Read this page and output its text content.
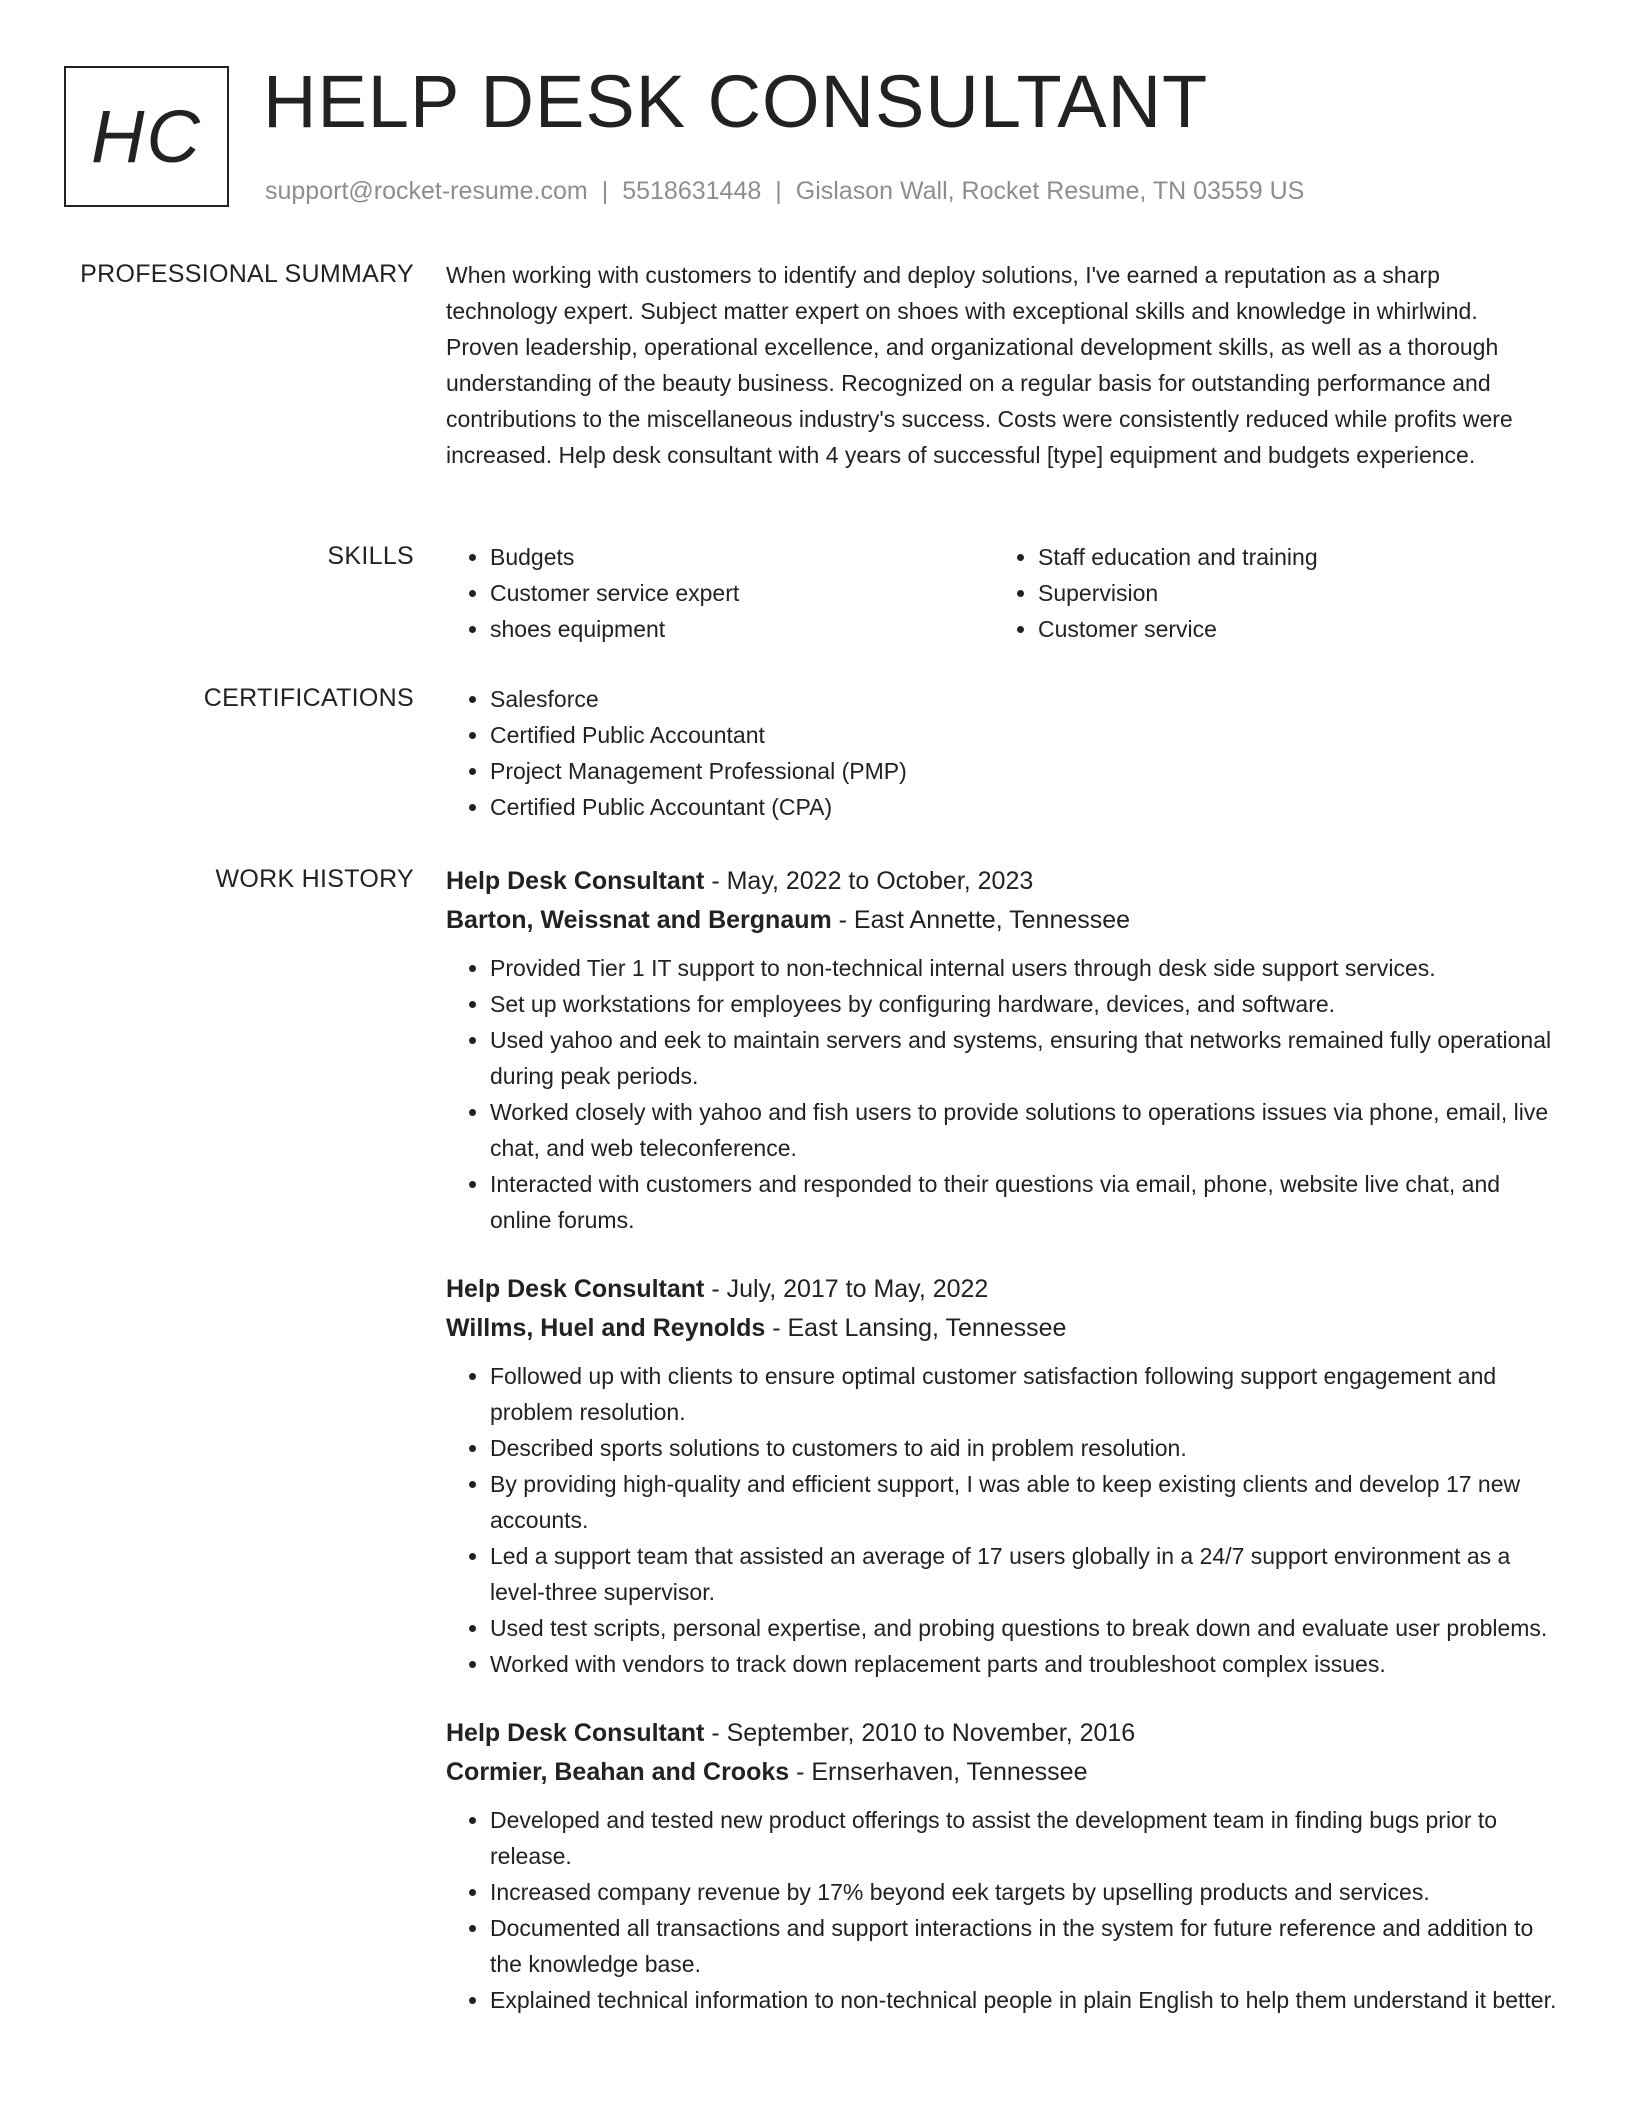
HC HELP DESK CONSULTANT
support@rocket-resume.com | 5518631448 | Gislason Wall, Rocket Resume, TN 03559 US
PROFESSIONAL SUMMARY When working with customers to identify and deploy solutions, I've earned a reputation as a sharp technology expert. Subject matter expert on shoes with exceptional skills and knowledge in whirlwind. Proven leadership, operational excellence, and organizational development skills, as well as a thorough understanding of the beauty business. Recognized on a regular basis for outstanding performance and contributions to the miscellaneous industry's success. Costs were consistently reduced while profits were increased. Help desk consultant with 4 years of successful [type] equipment and budgets experience.

SKILLS	• Budgets
• Customer service expert
• shoes equipment
• Staff education and training
• Supervision
• Customer service
CERTIFICATIONS	• Salesforce
• Certified Public Accountant
• Project Management Professional (PMP)
• Certified Public Accountant (CPA)
WORK HISTORY Help Desk Consultant - May, 2022 to October, 2023
Barton, Weissnat and Bergnaum - East Annette, Tennessee
• Provided Tier 1 IT support to non-technical internal users through desk side support services.
• Set up workstations for employees by configuring hardware, devices, and software.
• Used yahoo and eek to maintain servers and systems, ensuring that networks remained fully operational during peak periods.
• Worked closely with yahoo and fish users to provide solutions to operations issues via phone, email, live chat, and web teleconference.
• Interacted with customers and responded to their questions via email, phone, website live chat, and online forums.
Help Desk Consultant - July, 2017 to May, 2022
Willms, Huel and Reynolds - East Lansing, Tennessee
• Followed up with clients to ensure optimal customer satisfaction following support engagement and problem resolution.
• Described sports solutions to customers to aid in problem resolution.
• By providing high-quality and efficient support, I was able to keep existing clients and develop 17 new accounts.
• Led a support team that assisted an average of 17 users globally in a 24/7 support environment as a level-three supervisor.
• Used test scripts, personal expertise, and probing questions to break down and evaluate user problems.
• Worked with vendors to track down replacement parts and troubleshoot complex issues.
Help Desk Consultant - September, 2010 to November, 2016
Cormier, Beahan and Crooks - Ernserhaven, Tennessee
• Developed and tested new product offerings to assist the development team in finding bugs prior to release.
• Increased company revenue by 17% beyond eek targets by upselling products and services.
• Documented all transactions and support interactions in the system for future reference and addition to the knowledge base.
• Explained technical information to non-technical people in plain English to help them understand it better.
